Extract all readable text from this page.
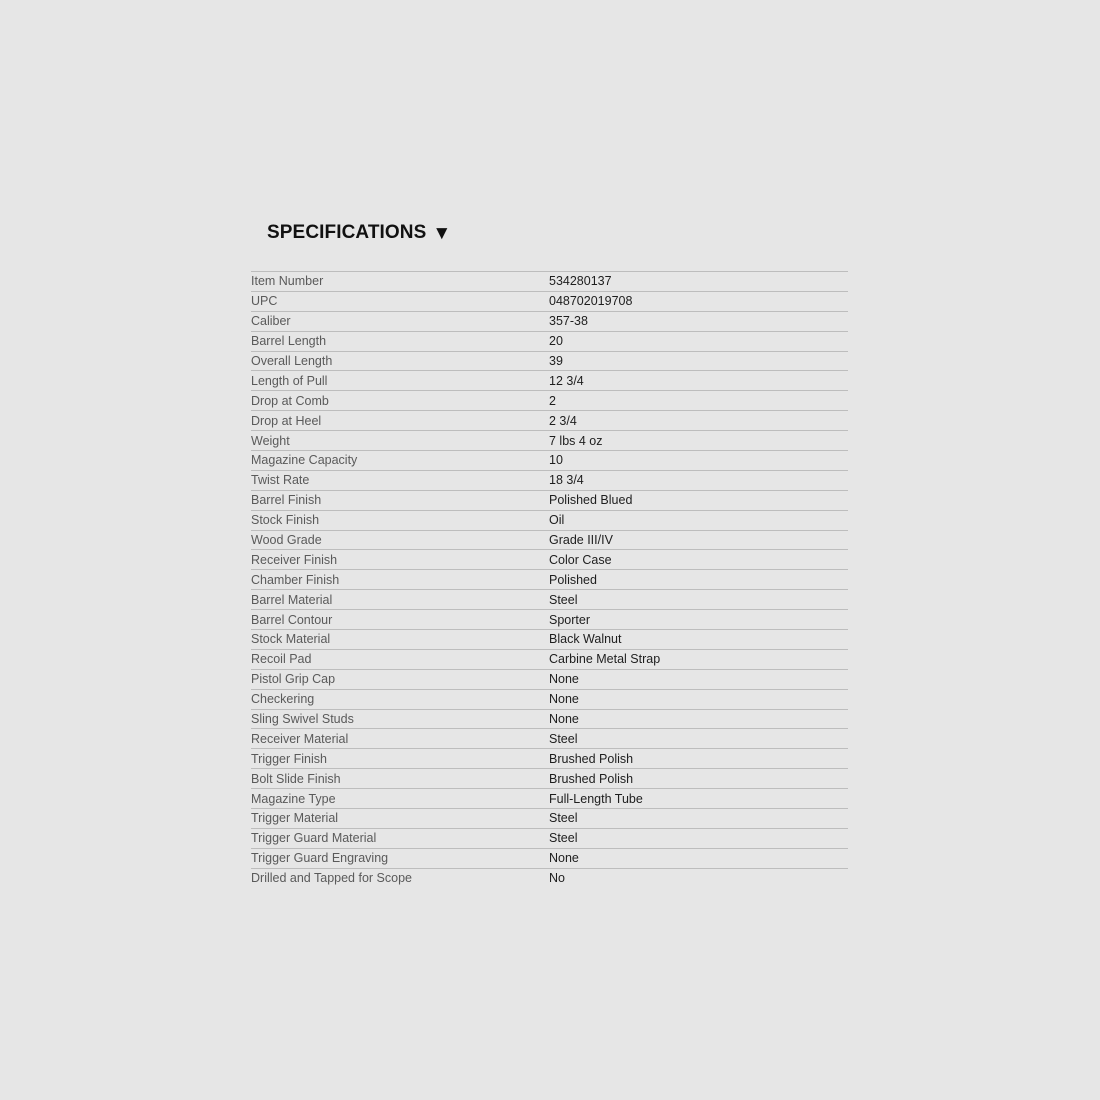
SPECIFICATIONS ▼
Item Number	534280137
UPC	048702019708
Caliber	357-38
Barrel Length	20
Overall Length	39
Length of Pull	12 3/4
Drop at Comb	2
Drop at Heel	2 3/4
Weight	7 lbs 4 oz
Magazine Capacity	10
Twist Rate	18 3/4
Barrel Finish	Polished Blued
Stock Finish	Oil
Wood Grade	Grade III/IV
Receiver Finish	Color Case
Chamber Finish	Polished
Barrel Material	Steel
Barrel Contour	Sporter
Stock Material	Black Walnut
Recoil Pad	Carbine Metal Strap
Pistol Grip Cap	None
Checkering	None
Sling Swivel Studs	None
Receiver Material	Steel
Trigger Finish	Brushed Polish
Bolt Slide Finish	Brushed Polish
Magazine Type	Full-Length Tube
Trigger Material	Steel
Trigger Guard Material	Steel
Trigger Guard Engraving	None
Drilled and Tapped for Scope	No
